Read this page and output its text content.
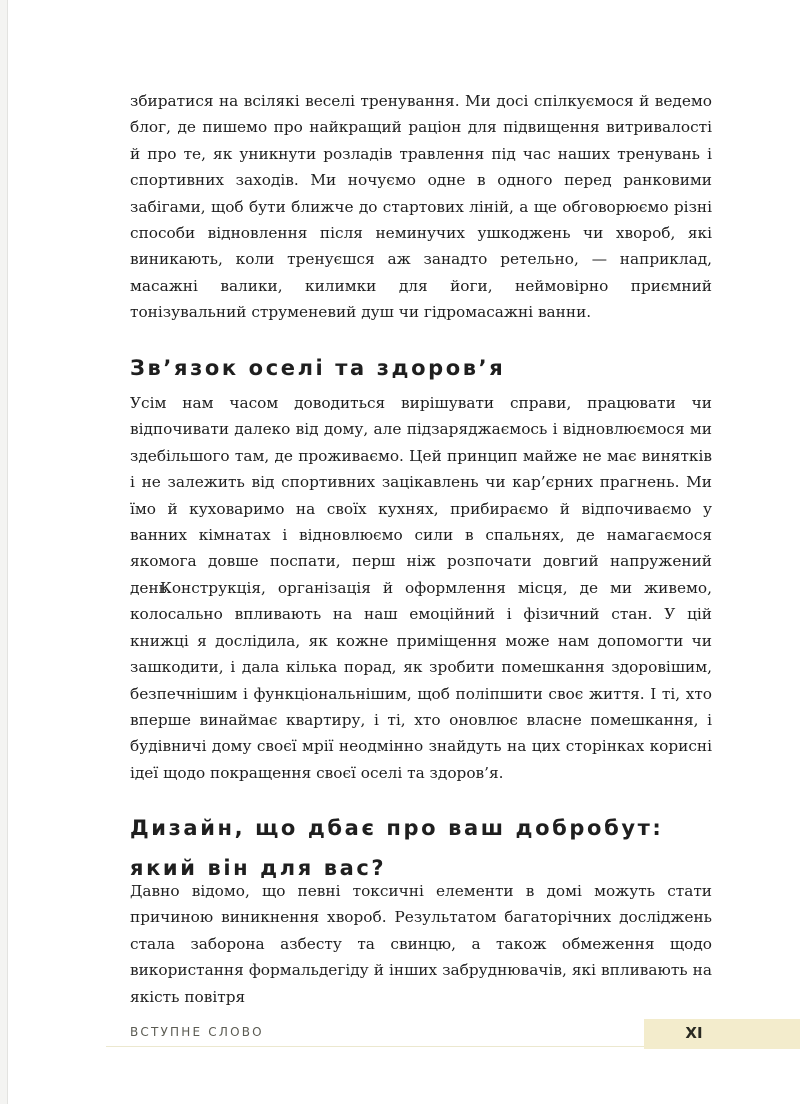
збиратися на всілякі веселі тренування. Ми досі спілкуємося й ведемо блог, де пишемо про найкращий раціон для підвищення витривалості й про те, як уникнути розладів травлення під час наших тренувань і спортивних заходів. Ми ночуємо одне в одного перед ранковими забігами, щоб бути ближче до стартових ліній, а ще обговорюємо різні способи відновлення після неминучих ушкоджень чи хвороб, які виникають, коли тренуєшся аж занадто ретельно, — наприклад, масажні валики, килимки для йоги, неймовірно приємний тонізувальний струменевий душ чи гідромасажні ванни.

Зв’язок оселі та здоров’я

Усім нам часом доводиться вирішувати справи, працювати чи відпочивати далеко від дому, але підзаряджаємось і відновлюємося ми здебільшого там, де проживаємо. Цей принцип майже не має винятків і не залежить від спортивних зацікавлень чи кар’єрних прагнень. Ми їмо й куховаримо на своїх кухнях, прибираємо й відпочиваємо у ванних кімнатах і відновлюємо сили в спальнях, де намагаємося якомога довше поспати, перш ніж розпочати довгий напружений день.

Конструкція, організація й оформлення місця, де ми живемо, колосально впливають на наш емоційний і фізичний стан. У цій книжці я дослідила, як кожне приміщення може нам допомогти чи зашкодити, і дала кілька порад, як зробити помешкання здоровішим, безпечнішим і функціональнішим, щоб поліпшити своє життя. І ті, хто вперше винаймає квартиру, і ті, хто оновлює власне помешкання, і будівничі дому своєї мрії неодмінно знайдуть на цих сторінках корисні ідеї щодо покращення своєї оселі та здоров’я.

Дизайн, що дбає про ваш добробут:
який він для вас?

Давно відомо, що певні токсичні елементи в домі можуть стати причиною виникнення хвороб. Результатом багаторічних досліджень стала заборона азбесту та свинцю, а також обмеження щодо використання формальдегіду й інших забруднювачів, які впливають на якість повітря

ВСТУПНЕ СЛОВО	XI
